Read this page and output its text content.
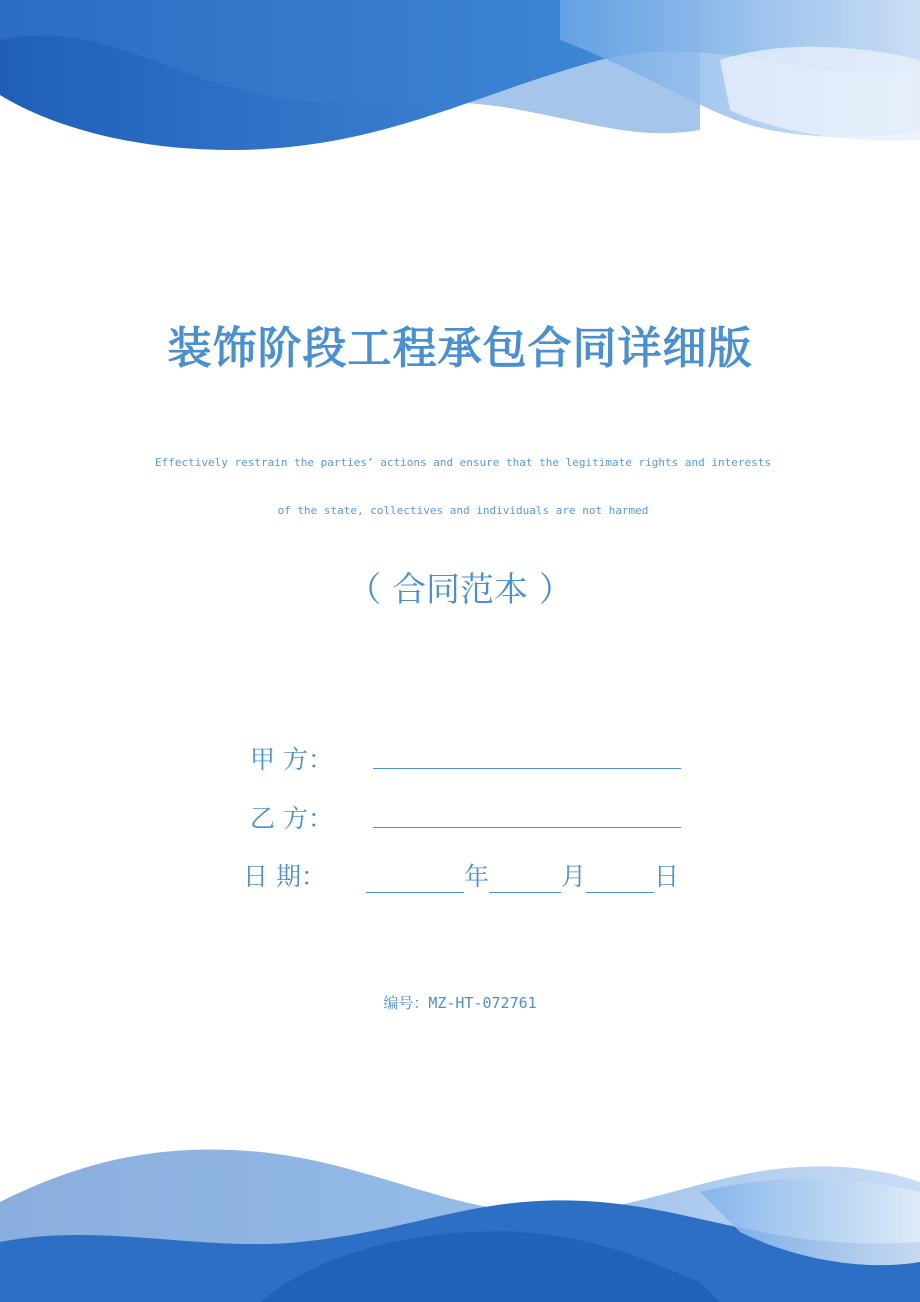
装饰阶段工程承包合同详细版
Effectively restrain the parties’ actions and ensure that the legitimate rights and interests
of the state, collectives and individuals are not harmed
（ 合同范本 ）
甲 方：
乙 方：
日 期：	年	月	日
编号：MZ-HT-072761
